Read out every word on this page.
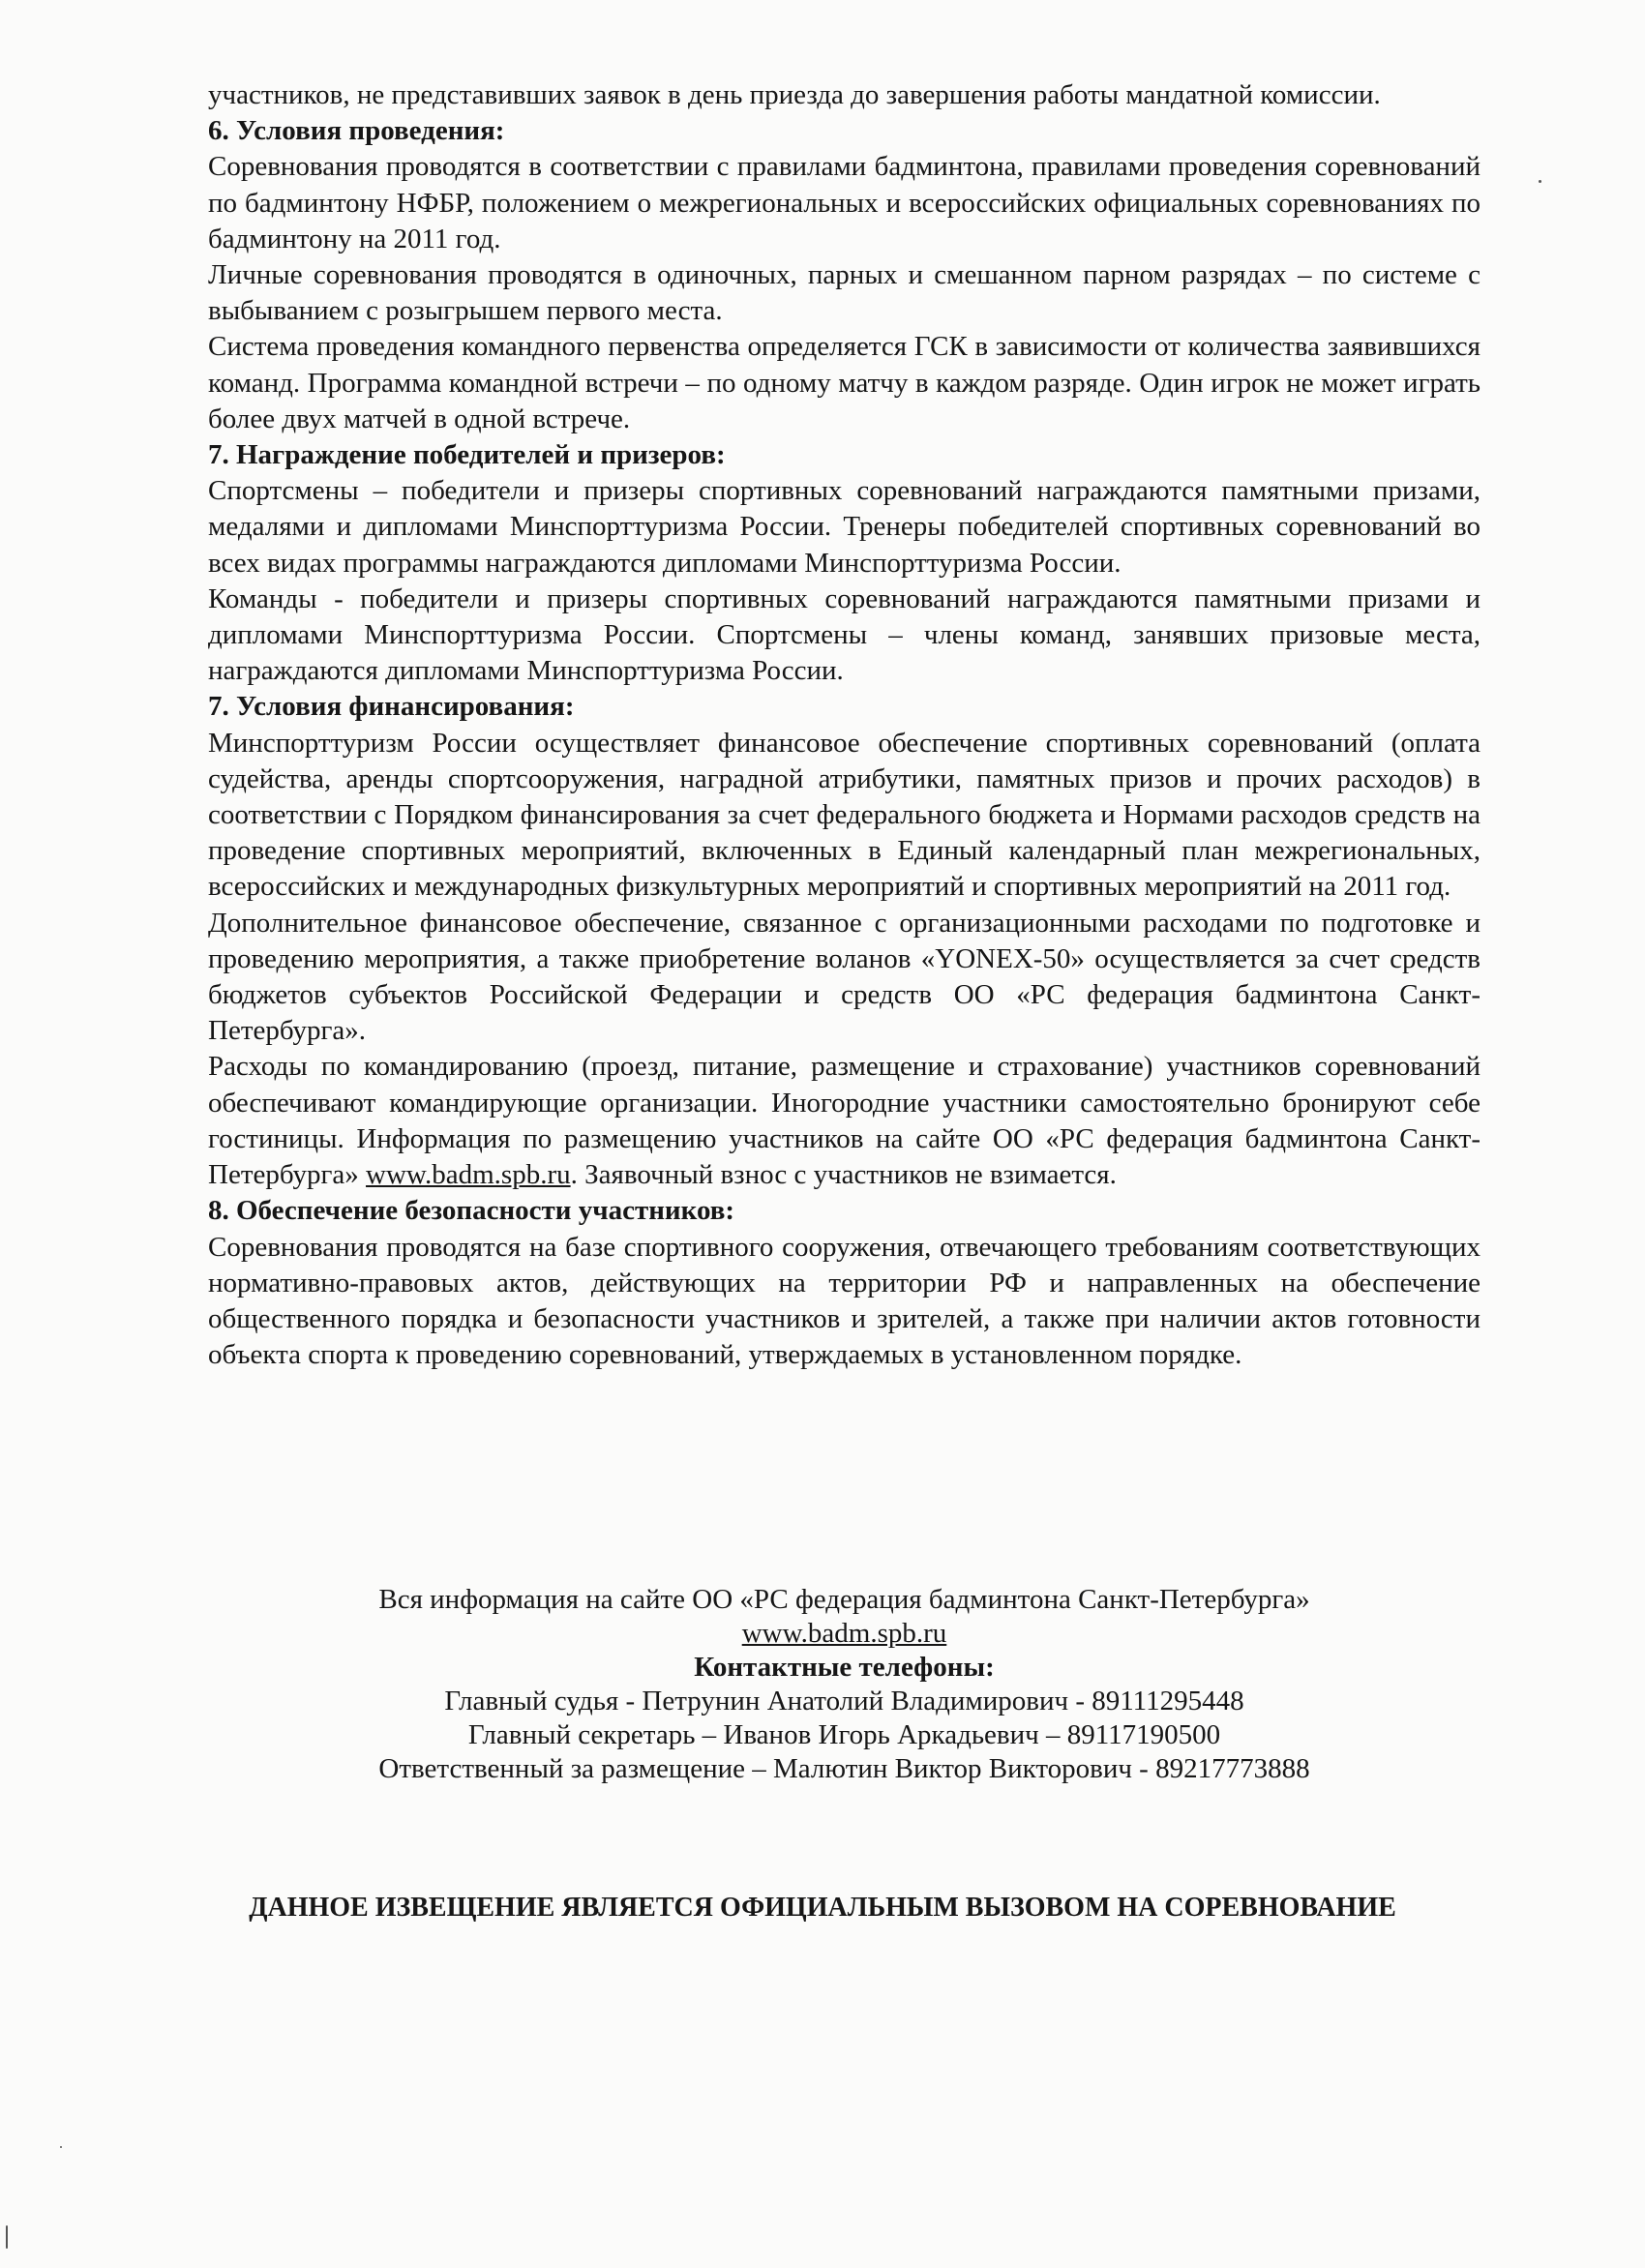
участников, не представивших заявок в день приезда до завершения работы мандатной комиссии.

6. Условия проведения:

Соревнования проводятся в соответствии с правилами бадминтона, правилами проведения соревнований по бадминтону НФБР, положением о межрегиональных и всероссийских официальных соревнованиях по бадминтону на 2011 год.

Личные соревнования проводятся в одиночных, парных и смешанном парном разрядах – по системе с выбыванием с розыгрышем первого места.

Система проведения командного первенства определяется ГСК в зависимости от количества заявившихся команд. Программа командной встречи – по одному матчу в каждом разряде. Один игрок не может играть более двух матчей в одной встрече.

7. Награждение победителей и призеров:

Спортсмены – победители и призеры спортивных соревнований награждаются памятными призами, медалями и дипломами Минспорттуризма России. Тренеры победителей спортивных соревнований во всех видах программы награждаются дипломами Минспорттуризма России.

Команды - победители и призеры спортивных соревнований награждаются памятными призами и дипломами Минспорттуризма России. Спортсмены – члены команд, занявших призовые места, награждаются дипломами Минспорттуризма России.

7. Условия финансирования:

Минспорттуризм России осуществляет финансовое обеспечение спортивных соревнований (оплата судейства, аренды спортсооружения, наградной атрибутики, памятных призов и прочих расходов) в соответствии с Порядком финансирования за счет федерального бюджета и Нормами расходов средств на проведение спортивных мероприятий, включенных в Единый календарный план межрегиональных, всероссийских и международных физкультурных мероприятий и спортивных мероприятий на 2011 год.

Дополнительное финансовое обеспечение, связанное с организационными расходами по подготовке и проведению мероприятия, а также приобретение воланов «YONEX-50» осуществляется за счет средств бюджетов субъектов Российской Федерации и средств ОО «РС федерация бадминтона Санкт-Петербурга».

Расходы по командированию (проезд, питание, размещение и страхование) участников соревнований обеспечивают командирующие организации. Иногородние участники самостоятельно бронируют себе гостиницы. Информация по размещению участников на сайте ОО «РС федерация бадминтона Санкт-Петербурга» www.badm.spb.ru. Заявочный взнос с участников не взимается.

8. Обеспечение безопасности участников:

Соревнования проводятся на базе спортивного сооружения, отвечающего требованиям соответствующих нормативно-правовых актов, действующих на территории РФ и направленных на обеспечение общественного порядка и безопасности участников и зрителей, а также при наличии актов готовности объекта спорта к проведению соревнований, утверждаемых в установленном порядке.

Вся информация на сайте ОО «РС федерация бадминтона Санкт-Петербурга»
www.badm.spb.ru
Контактные телефоны:
Главный судья - Петрунин Анатолий Владимирович - 89111295448
Главный секретарь – Иванов Игорь Аркадьевич – 89117190500
Ответственный за размещение – Малютин Виктор Викторович - 89217773888
ДАННОЕ ИЗВЕЩЕНИЕ ЯВЛЯЕТСЯ ОФИЦИАЛЬНЫМ ВЫЗОВОМ НА СОРЕВНОВАНИЕ
